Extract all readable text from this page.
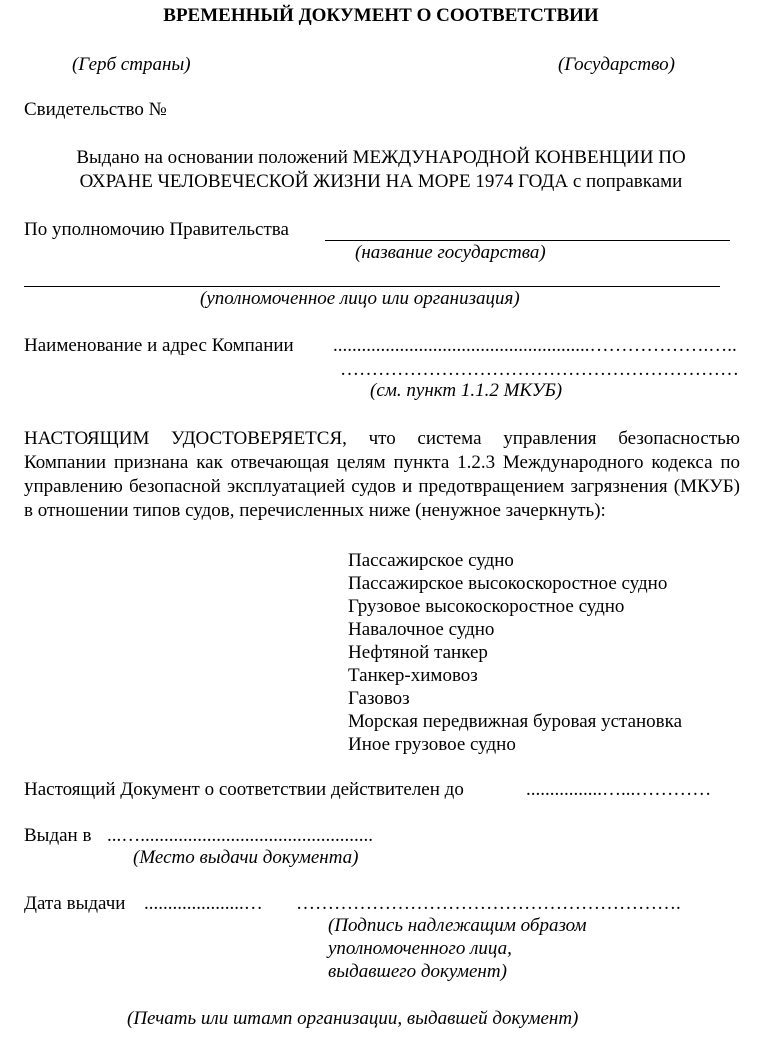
ВРЕМЕННЫЙ ДОКУМЕНТ О СООТВЕТСТВИИ
(Герб страны)	(Государство)
Свидетельство №
Выдано на основании положений МЕЖДУНАРОДНОЙ КОНВЕНЦИИ ПО
ОХРАНЕ ЧЕЛОВЕЧЕСКОЙ ЖИЗНИ НА МОРЕ 1974 ГОДА с поправками
По уполномочию Правительства
(название государства)
(уполномоченное лицо или организация)
Наименование и адрес Компании ......................................................……………….…..
………………………………………………………
(см. пункт 1.1.2 МКУБ)
НАСТОЯЩИМ УДОСТОВЕРЯЕТСЯ, что система управления безопасностью Компании признана как отвечающая целям пункта 1.2.3 Международного кодекса по управлению безопасной эксплуатацией судов и предотвращением загрязнения (МКУБ) в отношении типов судов, перечисленных ниже (ненужное зачеркнуть):
Пассажирское судно
Пассажирское высокоскоростное судно
Грузовое высокоскоростное судно
Навалочное судно
Нефтяной танкер
Танкер-химовоз
Газовоз
Морская передвижная буровая установка
Иное грузовое судно
Настоящий Документ о соответствии действителен до	................…...…………
Выдан в ...….................................................
(Место выдачи документа)
Дата выдачи .....................… …………………………………………………….
(Подпись надлежащим образом
уполномоченного лица,
выдавшего документ)
(Печать или штамп организации, выдавшей документ)
